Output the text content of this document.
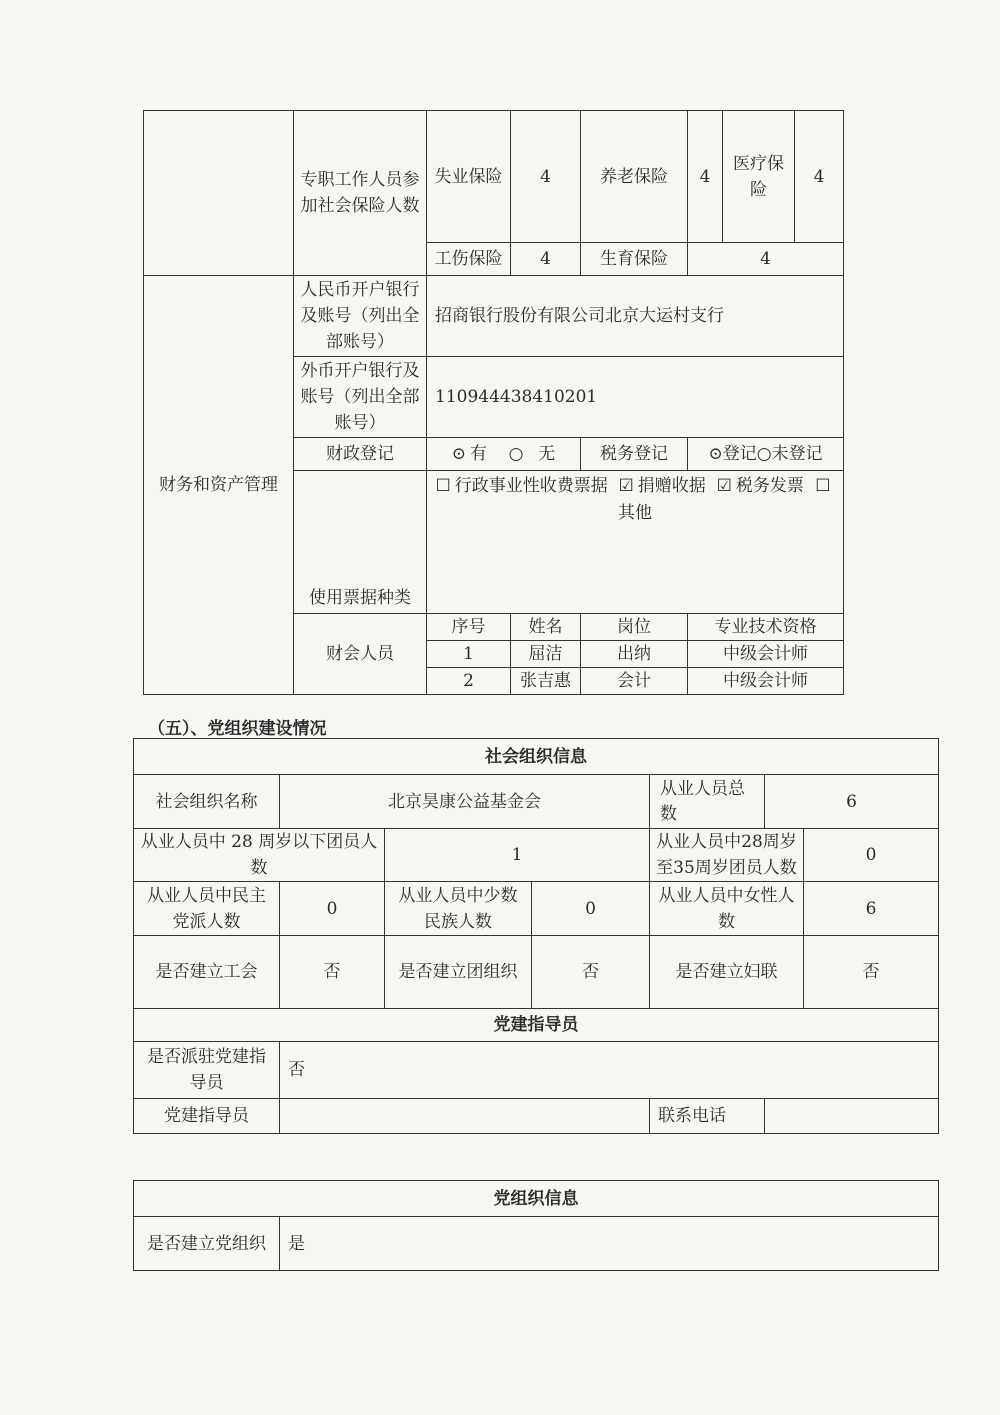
	专职工作人员参加社会保险人数	失业保险	4	养老保险	4	医疗保险	4
		工伤保险	4	生育保险	4		
财务和资产管理	人民币开户银行及账号（列出全部账号）	招商银行股份有限公司北京大运村支行					
	外币开户银行及账号（列出全部账号）	110944438410201					
	财政登记	⊙ 有 ○ 无		税务登记	⊙登记○未登记		
	使用票据种类	☐ 行政事业性收费票据 ☑ 捐赠收据 ☑ 税务发票 ☐其他					
	财会人员	序号	姓名	岗位	专业技术资格		
		1	屈洁	出纳	中级会计师		
		2	张吉惠	会计	中级会计师		
（五）、党组织建设情况
社会组织信息						
社会组织名称	北京昊康公益基金会			从业人员总数	6	
从业人员中 28 周岁以下团员人数		1		从业人员中28周岁至35周岁团员人数		0
从业人员中民主党派人数	0	从业人员中少数民族人数	0	从业人员中女性人数		6
是否建立工会	否	是否建立团组织	否	是否建立妇联		否
党建指导员						
是否派驻党建指导员	否					
党建指导员				联系电话		
党组织信息
是否建立党组织	是
